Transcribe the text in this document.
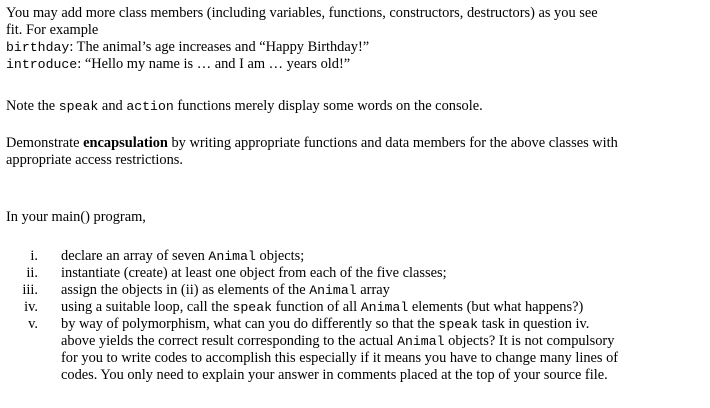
You may add more class members (including variables, functions, constructors, destructors) as you see
fit. For example
birthday: The animal’s age increases and “Happy Birthday!”
introduce: “Hello my name is … and I am … years old!”
Note the speak and action functions merely display some words on the console.
Demonstrate encapsulation by writing appropriate functions and data members for the above classes with
appropriate access restrictions.
In your main() program,
i. declare an array of seven Animal objects;
ii. instantiate (create) at least one object from each of the five classes;
iii. assign the objects in (ii) as elements of the Animal array
iv. using a suitable loop, call the speak function of all Animal elements (but what happens?)
v. by way of polymorphism, what can you do differently so that the speak task in question iv.
above yields the correct result corresponding to the actual Animal objects? It is not compulsory
for you to write codes to accomplish this especially if it means you have to change many lines of
codes. You only need to explain your answer in comments placed at the top of your source file.
